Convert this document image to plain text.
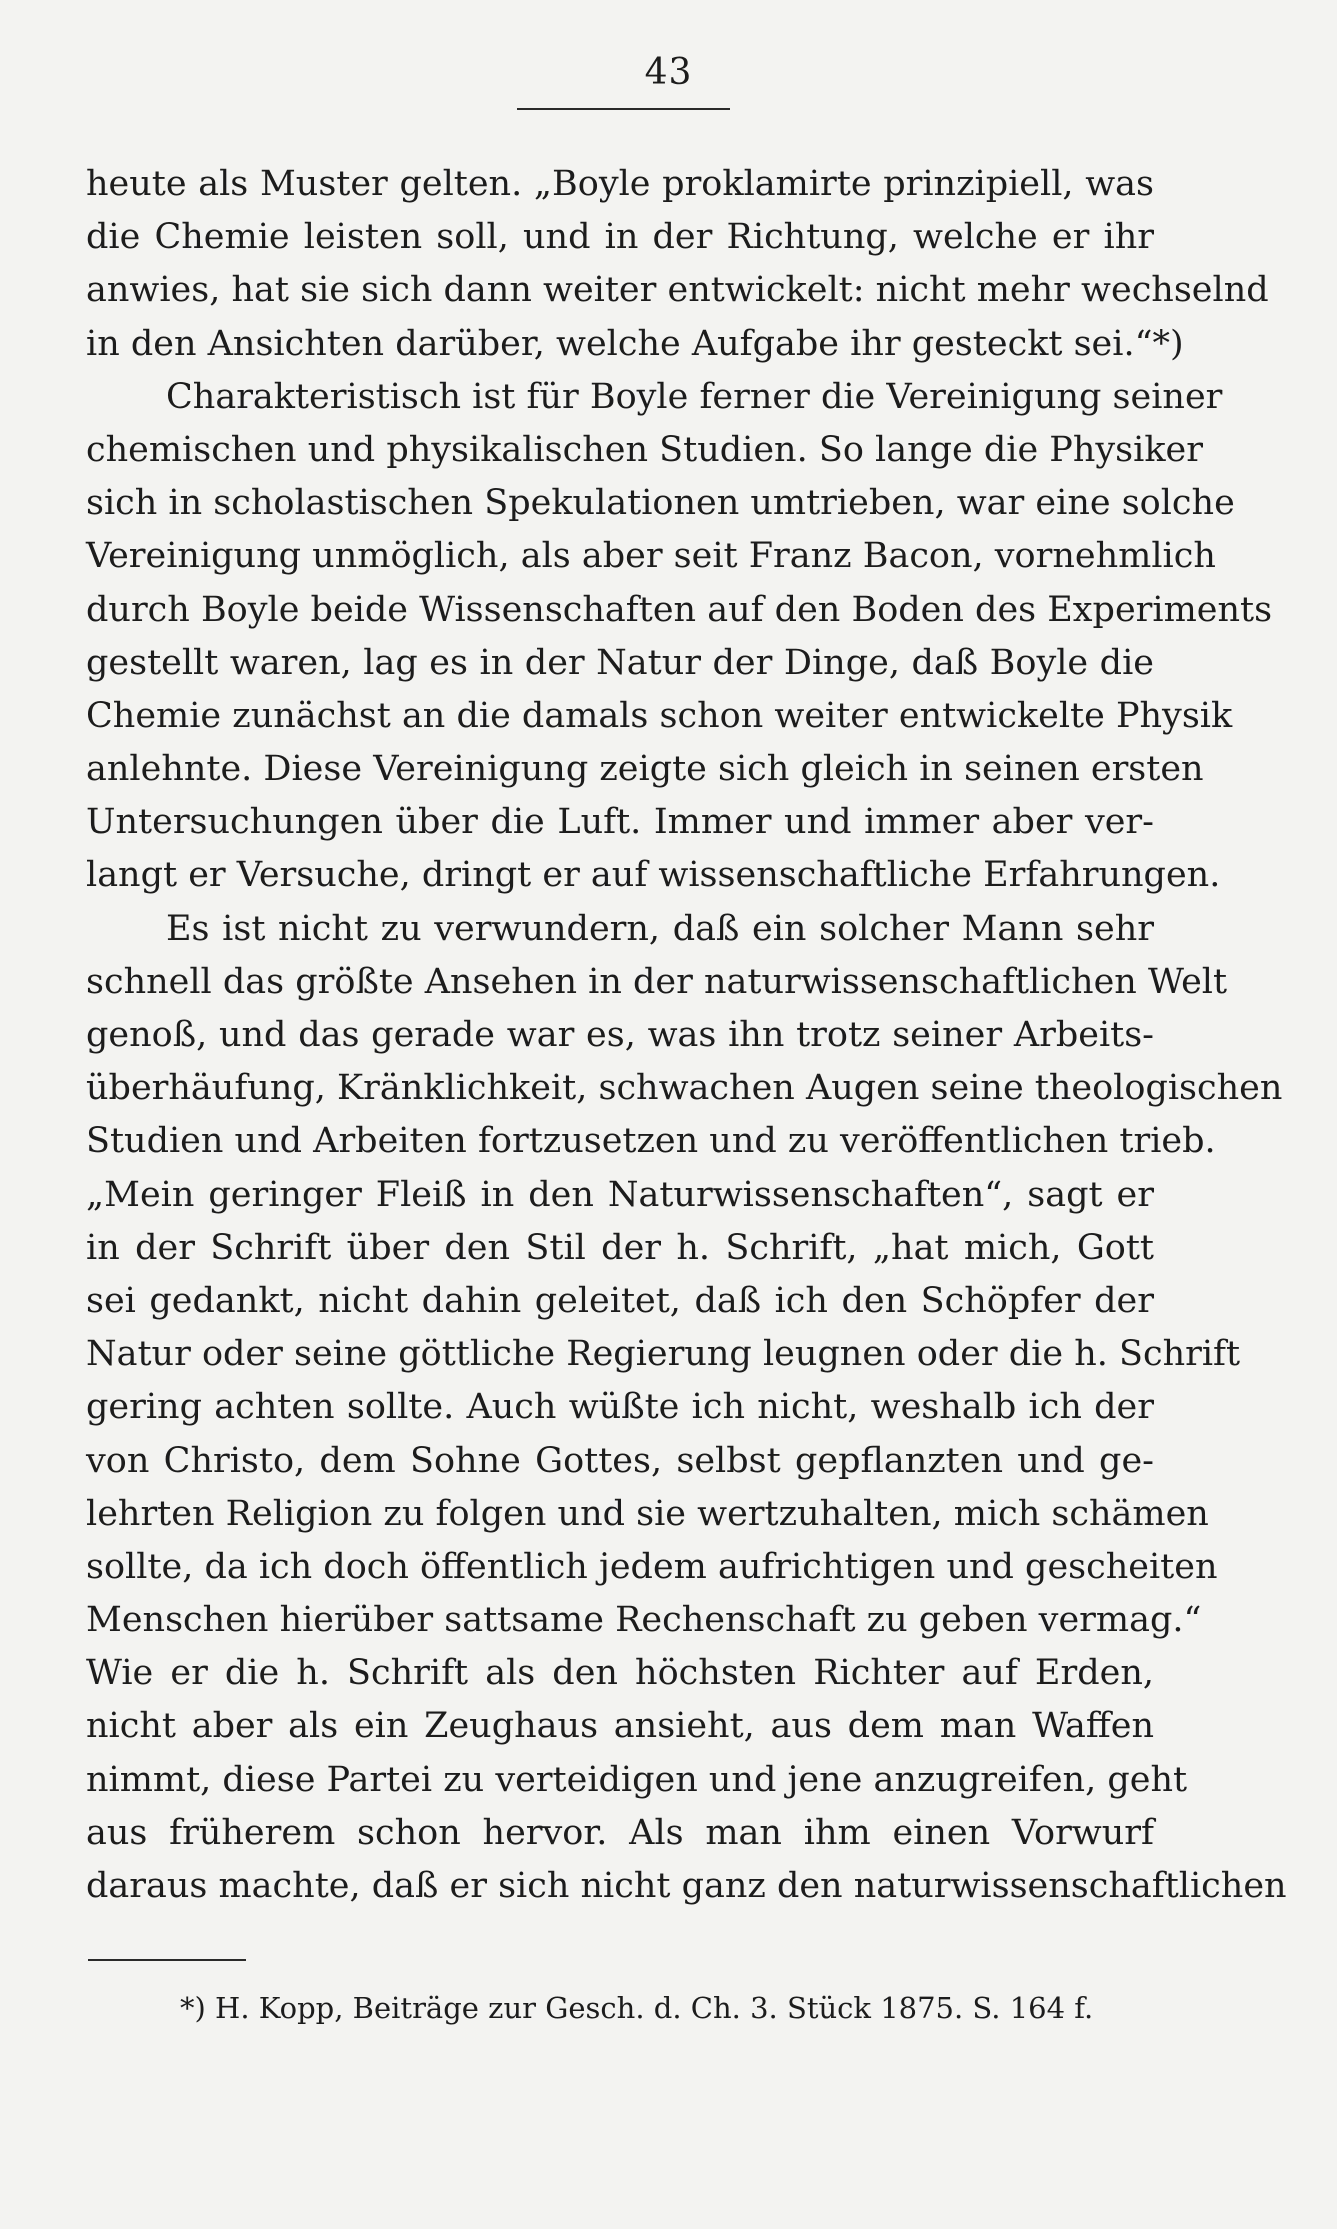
43
heute als Muster gelten. „Boyle proklamirte prinzipiell, was
die Chemie leisten soll, und in der Richtung, welche er ihr
anwies, hat sie sich dann weiter entwickelt: nicht mehr wechselnd
in den Ansichten darüber, welche Aufgabe ihr gesteckt sei.“*)
Charakteristisch ist für Boyle ferner die Vereinigung seiner
chemischen und physikalischen Studien. So lange die Physiker
sich in scholastischen Spekulationen umtrieben, war eine solche
Vereinigung unmöglich, als aber seit Franz Bacon, vornehmlich
durch Boyle beide Wissenschaften auf den Boden des Experiments
gestellt waren, lag es in der Natur der Dinge, daß Boyle die
Chemie zunächst an die damals schon weiter entwickelte Physik
anlehnte. Diese Vereinigung zeigte sich gleich in seinen ersten
Untersuchungen über die Luft. Immer und immer aber ver-
langt er Versuche, dringt er auf wissenschaftliche Erfahrungen.
Es ist nicht zu verwundern, daß ein solcher Mann sehr
schnell das größte Ansehen in der naturwissenschaftlichen Welt
genoß, und das gerade war es, was ihn trotz seiner Arbeits-
überhäufung, Kränklichkeit, schwachen Augen seine theologischen
Studien und Arbeiten fortzusetzen und zu veröffentlichen trieb.
„Mein geringer Fleiß in den Naturwissenschaften“, sagt er
in der Schrift über den Stil der h. Schrift, „hat mich, Gott
sei gedankt, nicht dahin geleitet, daß ich den Schöpfer der
Natur oder seine göttliche Regierung leugnen oder die h. Schrift
gering achten sollte. Auch wüßte ich nicht, weshalb ich der
von Christo, dem Sohne Gottes, selbst gepflanzten und ge-
lehrten Religion zu folgen und sie wertzuhalten, mich schämen
sollte, da ich doch öffentlich jedem aufrichtigen und gescheiten
Menschen hierüber sattsame Rechenschaft zu geben vermag.“
Wie er die h. Schrift als den höchsten Richter auf Erden,
nicht aber als ein Zeughaus ansieht, aus dem man Waffen
nimmt, diese Partei zu verteidigen und jene anzugreifen, geht
aus früherem schon hervor. Als man ihm einen Vorwurf
daraus machte, daß er sich nicht ganz den naturwissenschaftlichen
*) H. Kopp, Beiträge zur Gesch. d. Ch. 3. Stück 1875. S. 164 f.
